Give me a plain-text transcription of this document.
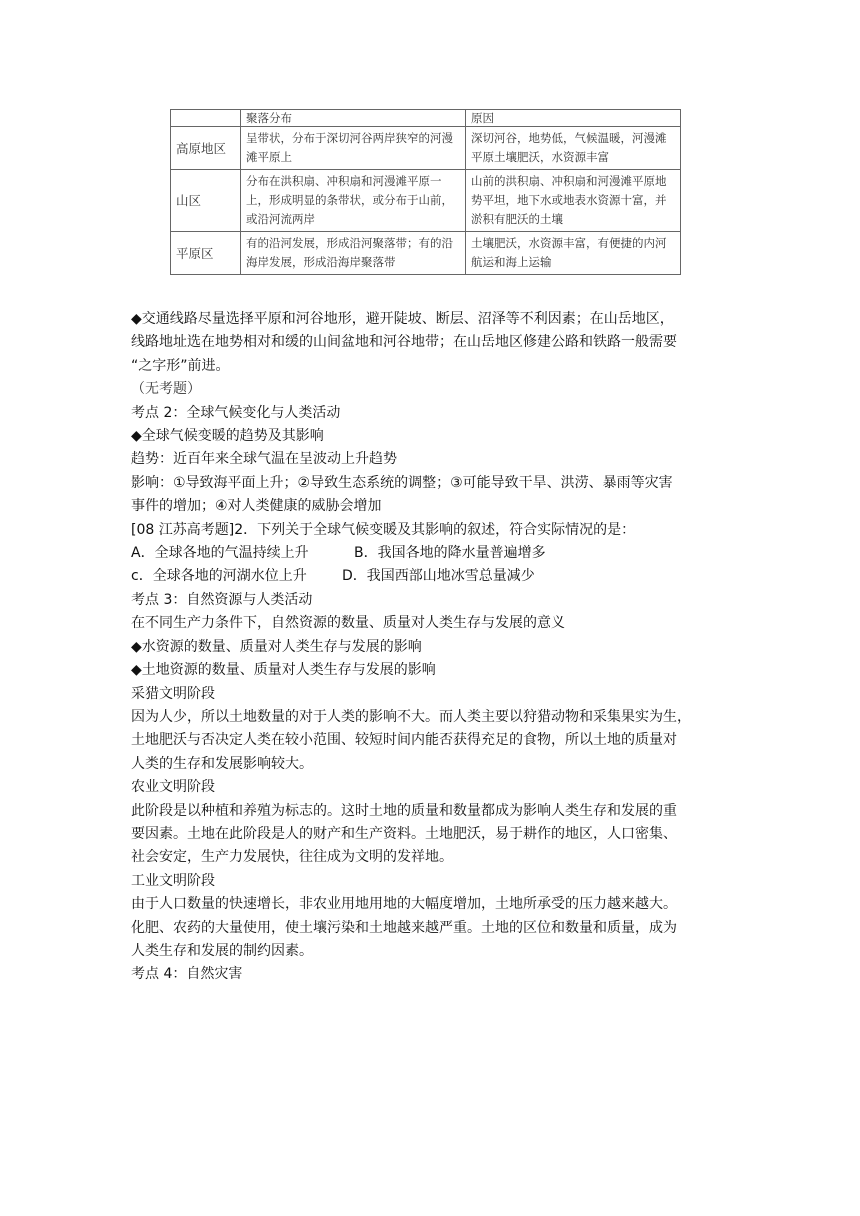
	聚落分布	原因
高原地区	呈带状，分布于深切河谷两岸狭窄的河漫滩平原上	深切河谷，地势低，气候温暖，河漫滩平原土壤肥沃，水资源丰富
山区	分布在洪积扇、冲积扇和河漫滩平原一上，形成明显的条带状，或分布于山前，或沿河流两岸	山前的洪积扇、冲积扇和河漫滩平原地势平坦，地下水或地表水资源十富，并淤积有肥沃的土壤
平原区	有的沿河发展，形成沿河聚落带；有的沿海岸发展，形成沿海岸聚落带	土壤肥沃，水资源丰富，有便捷的内河航运和海上运输

◆交通线路尽量选择平原和河谷地形，避开陡坡、断层、沼泽等不利因素；在山岳地区，

线路地址选在地势相对和缓的山间盆地和河谷地带；在山岳地区修建公路和铁路一般需要

“之字形”前进。

（无考题）

考点 2：全球气候变化与人类活动

◆全球气候变暖的趋势及其影响

趋势：近百年来全球气温在呈波动上升趋势

影响：①导致海平面上升；②导致生态系统的调整；③可能导致干旱、洪涝、暴雨等灾害

事件的增加；④对人类健康的威胁会增加

[08 江苏高考题]2．下列关于全球气候变暖及其影响的叙述，符合实际情况的是：

A．全球各地的气温持续上升	B．我国各地的降水量普遍增多

c．全球各地的河湖水位上升	D．我国西部山地冰雪总量减少

考点 3：自然资源与人类活动

在不同生产力条件下，自然资源的数量、质量对人类生存与发展的意义

◆水资源的数量、质量对人类生存与发展的影响

◆土地资源的数量、质量对人类生存与发展的影响

采猎文明阶段

因为人少，所以土地数量的对于人类的影响不大。而人类主要以狩猎动物和采集果实为生，

土地肥沃与否决定人类在较小范围、较短时间内能否获得充足的食物，所以土地的质量对

人类的生存和发展影响较大。

农业文明阶段

此阶段是以种植和养殖为标志的。这时土地的质量和数量都成为影响人类生存和发展的重

要因素。土地在此阶段是人的财产和生产资料。土地肥沃，易于耕作的地区，人口密集、

社会安定，生产力发展快，往往成为文明的发祥地。

工业文明阶段

由于人口数量的快速增长，非农业用地用地的大幅度增加，土地所承受的压力越来越大。

化肥、农药的大量使用，使土壤污染和土地越来越严重。土地的区位和数量和质量，成为

人类生存和发展的制约因素。

考点 4：自然灾害
